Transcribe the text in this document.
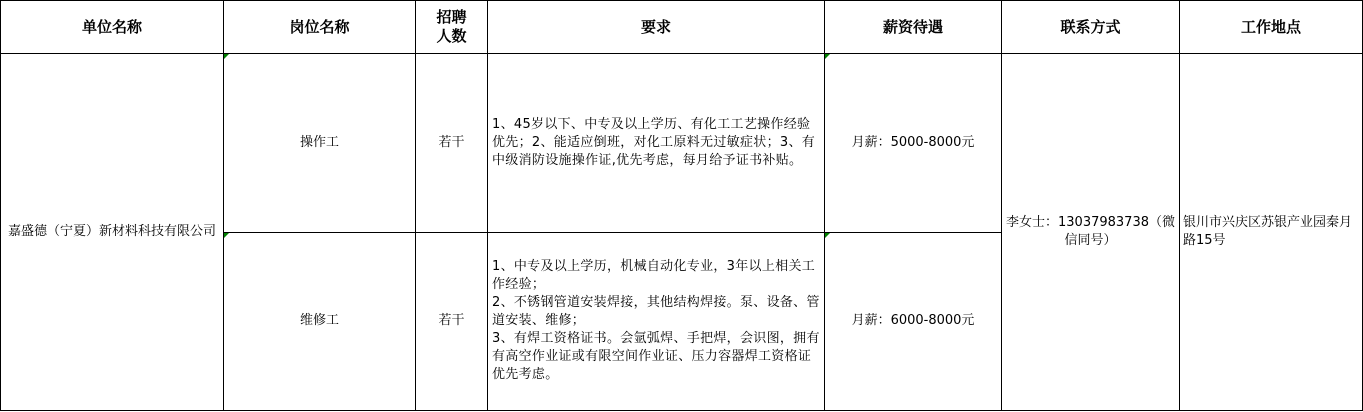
单位名称	岗位名称	招聘人数	要求	薪资待遇	联系方式	工作地点
嘉盛德（宁夏）新材料科技有限公司	操作工	若干	1、45岁以下、中专及以上学历、有化工工艺操作经验优先；2、能适应倒班，对化工原料无过敏症状；3、有中级消防设施操作证,优先考虑，每月给予证书补贴。	月薪：5000-8000元	李女士：13037983738（微信同号）	银川市兴庆区苏银产业园秦月路15号
	维修工	若干	1、中专及以上学历，机械自动化专业，3年以上相关工作经验；
2、不锈钢管道安装焊接，其他结构焊接。泵、设备、管道安装、维修；
3、有焊工资格证书。会氩弧焊、手把焊，会识图，拥有有高空作业证或有限空间作业证、压力容器焊工资格证优先考虑。	月薪：6000-8000元		
